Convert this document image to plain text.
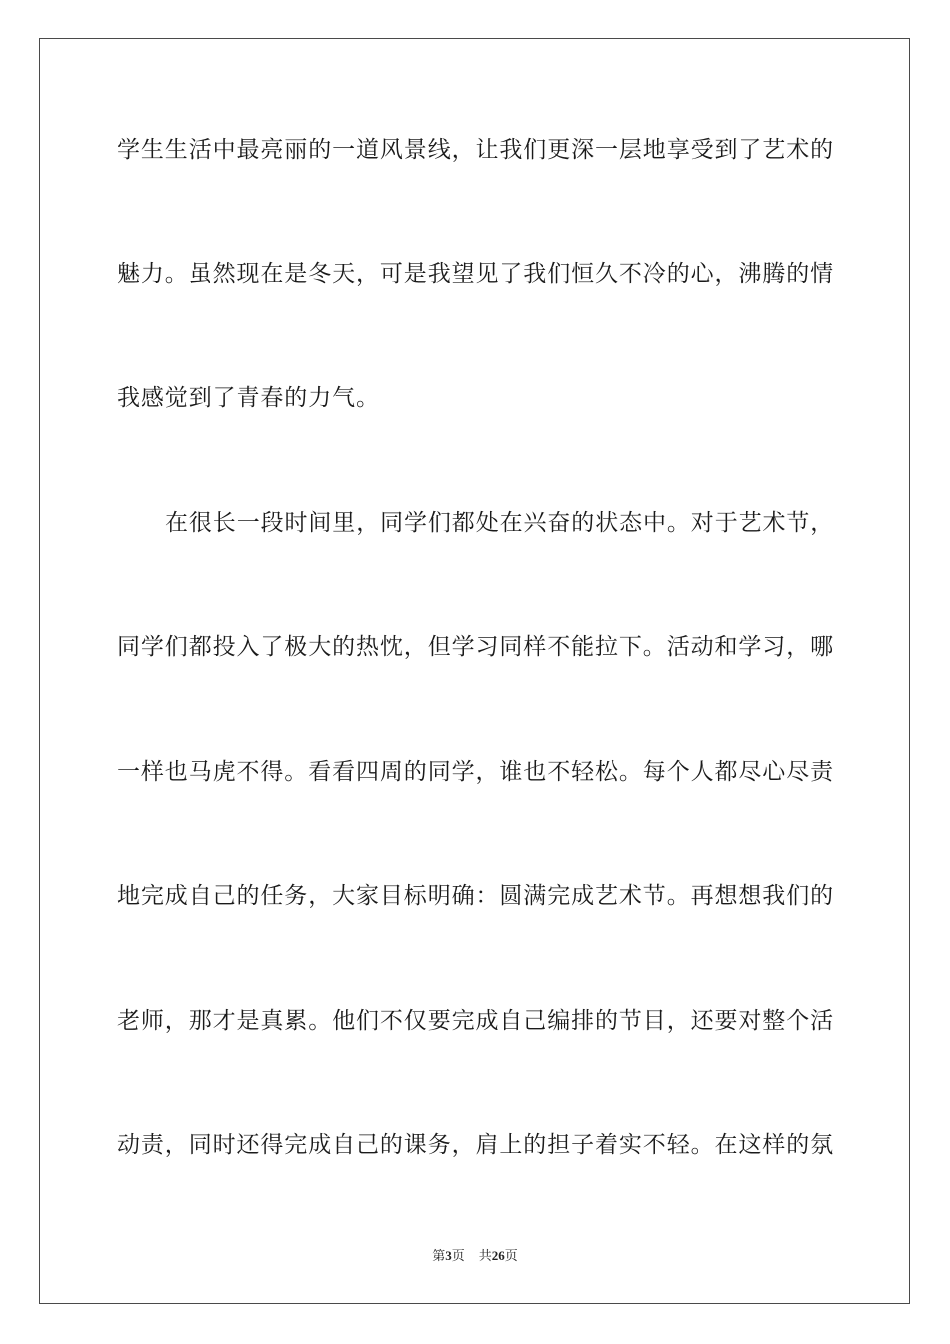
学生生活中最亮丽的一道风景线，让我们更深一层地享受到了艺术的
魅力。虽然现在是冬天，可是我望见了我们恒久不冷的心，沸腾的情
我感觉到了青春的力气。
在很长一段时间里，同学们都处在兴奋的状态中。对于艺术节，
同学们都投入了极大的热忱，但学习同样不能拉下。活动和学习，哪
一样也马虎不得。看看四周的同学，谁也不轻松。每个人都尽心尽责
地完成自己的任务，大家目标明确：圆满完成艺术节。再想想我们的
老师，那才是真累。他们不仅要完成自己编排的节目，还要对整个活
动责，同时还得完成自己的课务，肩上的担子着实不轻。在这样的氛
第3页 共26页
